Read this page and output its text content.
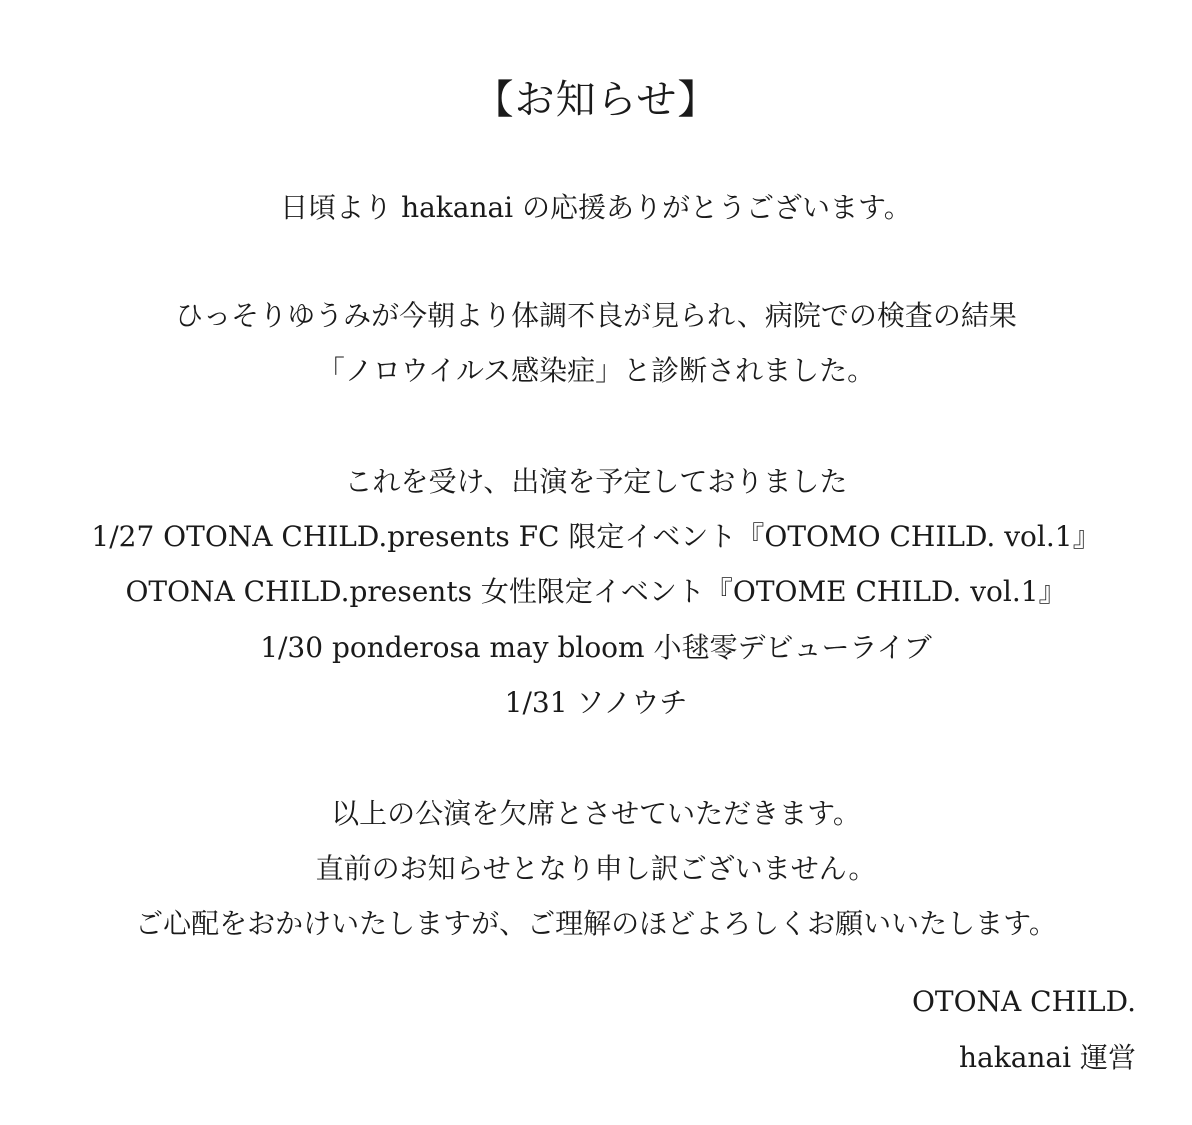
【お知らせ】
日頃より hakanai の応援ありがとうございます。
ひっそりゆうみが今朝より体調不良が見られ、病院での検査の結果
「ノロウイルス感染症」と診断されました。
これを受け、出演を予定しておりました
1/27 OTONA CHILD.presents FC 限定イベント『OTOMO CHILD. vol.1』
OTONA CHILD.presents 女性限定イベント『OTOME CHILD. vol.1』
1/30 ponderosa may bloom 小毬零デビューライブ
1/31 ソノウチ
以上の公演を欠席とさせていただきます。
直前のお知らせとなり申し訳ございません。
ご心配をおかけいたしますが、ご理解のほどよろしくお願いいたします。
OTONA CHILD.
hakanai 運営
